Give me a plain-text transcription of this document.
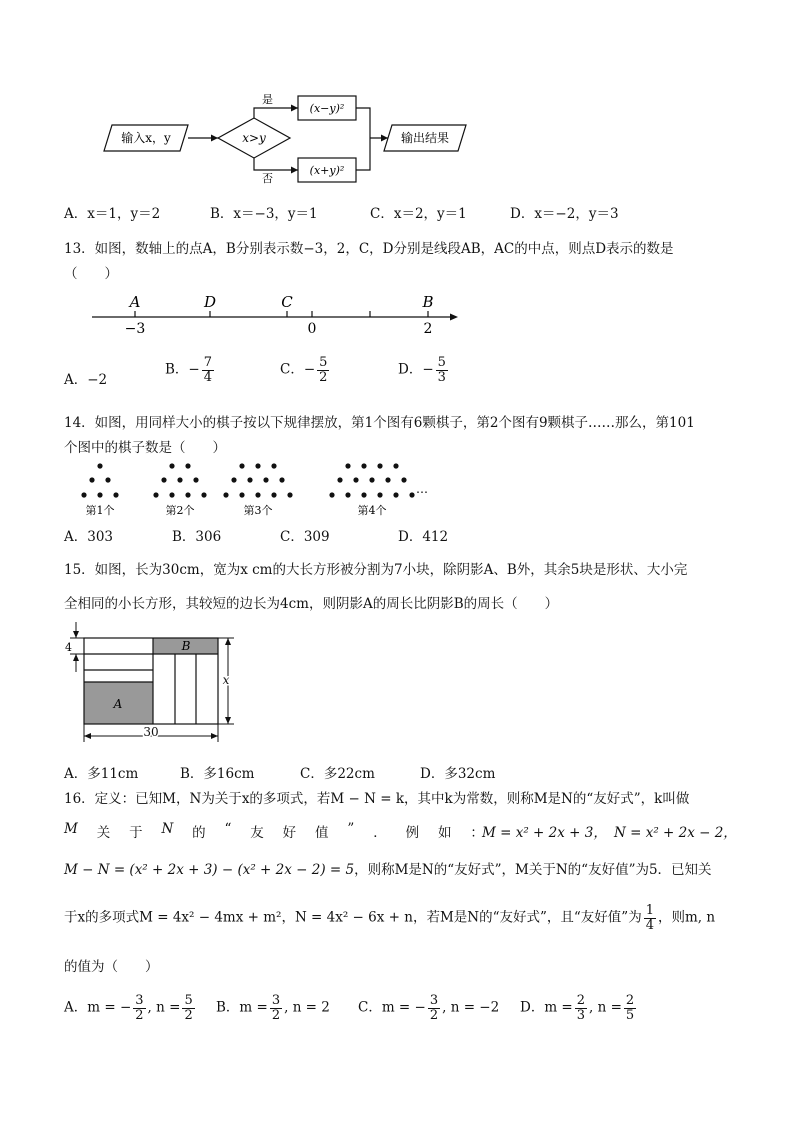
输入x，y	x>y
是
否
(x−y)²
(x+y)²
输出结果
A．x＝1，y＝2	B．x＝−3，y＝1	C．x＝2，y＝1	D．x＝−2，y＝3
13．如图，数轴上的点A，B分别表示数−3，2，C，D分别是线段AB，AC的中点，则点D表示的数是
（　　）
A	D	C	B
−3	0	2
A．−2
B．− $\frac{7}{4}$	C．− $\frac{5}{2}$	D．− $\frac{5}{3}$
14．如图，用同样大小的棋子按以下规律摆放，第1个图有6颗棋子，第2个图有9颗棋子……那么，第101
个图中的棋子数是（　　）
…
第1个	第2个	第3个	第4个
A．303	B．306	C．309	D．412
15．如图，长为30cm，宽为x cm的大长方形被分割为7小块，除阴影A、B外，其余5块是形状、大小完
全相同的小长方形，其较短的边长为4cm，则阴影A的周长比阴影B的周长（　　）
4
x
30
A
B
A．多11cm	B．多16cm	C．多22cm	D．多32cm
16．定义：已知M，N为关于x的多项式，若M − N = k，其中k为常数，则称M是N的“友好式”，k叫做
M 关 于 N 的 “ 友 好 值 ” ． 例 如 ：
M = x² + 2x + 3， N = x² + 2x − 2，
M − N = (x² + 2x + 3) − (x² + 2x − 2) = 5，则称M是N的“友好式”，M关于N的“友好值”为5．已知关
于x的多项式M = 4x² − 4mx + m²，N = 4x² − 6x + n，若M是N的“友好式”，且“友好值”为 $\frac{1}{4}$ ，则m, n
的值为（　　）
A．m = − $\frac{3}{2}$ , $n = \frac{5}{2}$ B．$m = \frac{3}{2}$ , n = 2 C．m = − $\frac{3}{2}$ , n = −2 D．$m = \frac{2}{3}$ , $n = \frac{2}{5}$
